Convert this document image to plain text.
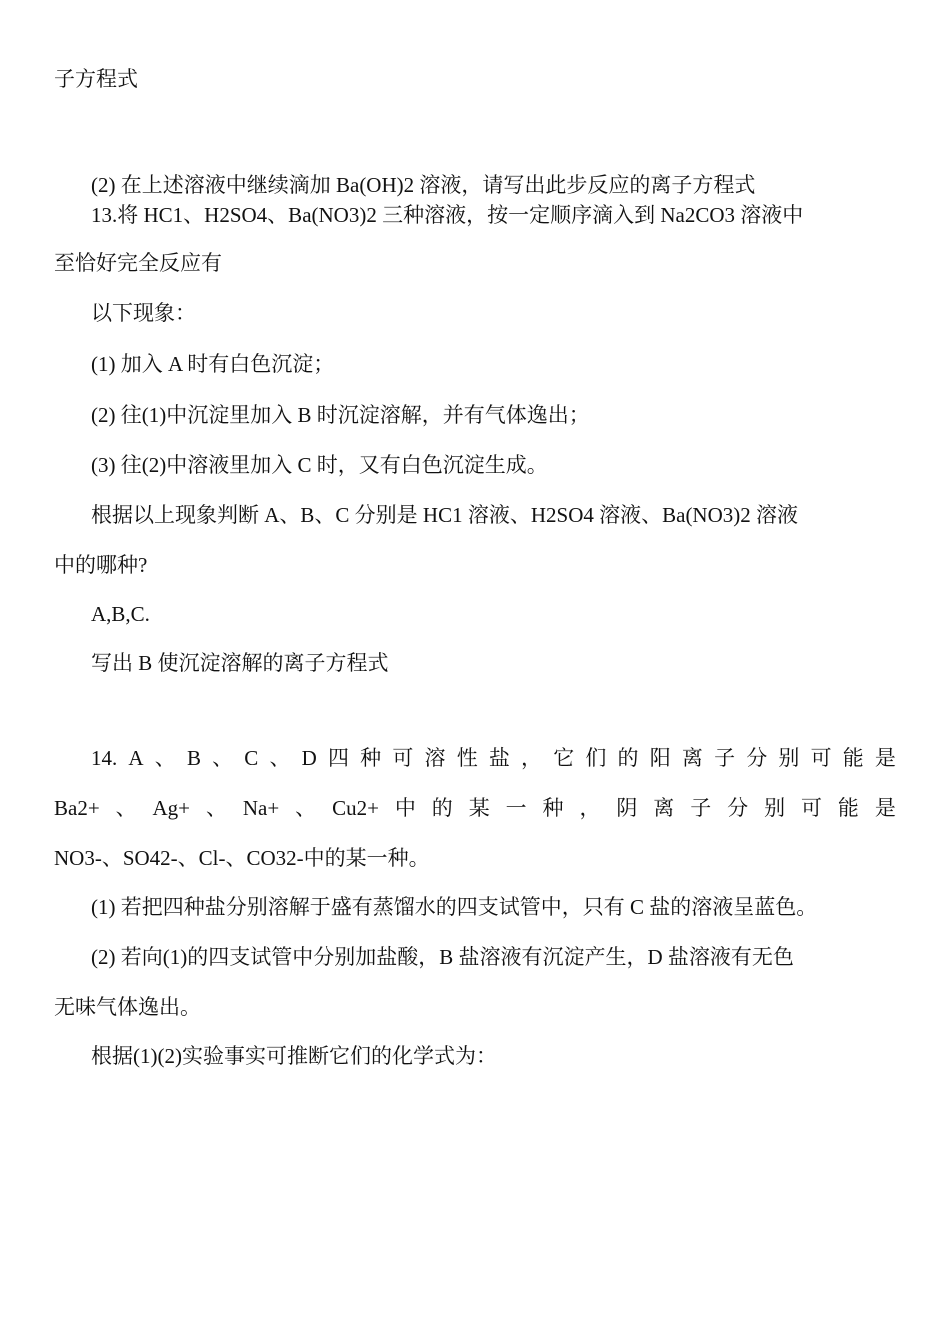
子方程式
(2) 在上述溶液中继续滴加 Ba(OH)2 溶液，请写出此步反应的离子方程式
13.将 HC1、H2SO4、Ba(NO3)2 三种溶液，按一定顺序滴入到 Na2CO3 溶液中
至恰好完全反应有
以下现象：
(1) 加入 A 时有白色沉淀；
(2) 往(1)中沉淀里加入 B 时沉淀溶解，并有气体逸出；
(3) 往(2)中溶液里加入 C 时，又有白色沉淀生成。
根据以上现象判断 A、B、C 分别是 HC1 溶液、H2SO4 溶液、Ba(NO3)2 溶液
中的哪种?
A,B,C.
写出 B 使沉淀溶解的离子方程式
14. A 、 B 、 C 、 D 四 种 可 溶 性 盐 ， 它 们 的 阳 离 子 分 别 可 能 是
Ba2+ 、 Ag+ 、 Na+ 、 Cu2+ 中 的 某 一 种 ， 阴 离 子 分 别 可 能 是
NO3-、SO42-、Cl-、CO32-中的某一种。
(1) 若把四种盐分别溶解于盛有蒸馏水的四支试管中，只有 C 盐的溶液呈蓝色。
(2) 若向(1)的四支试管中分别加盐酸，B 盐溶液有沉淀产生，D 盐溶液有无色
无味气体逸出。
根据(1)(2)实验事实可推断它们的化学式为：
